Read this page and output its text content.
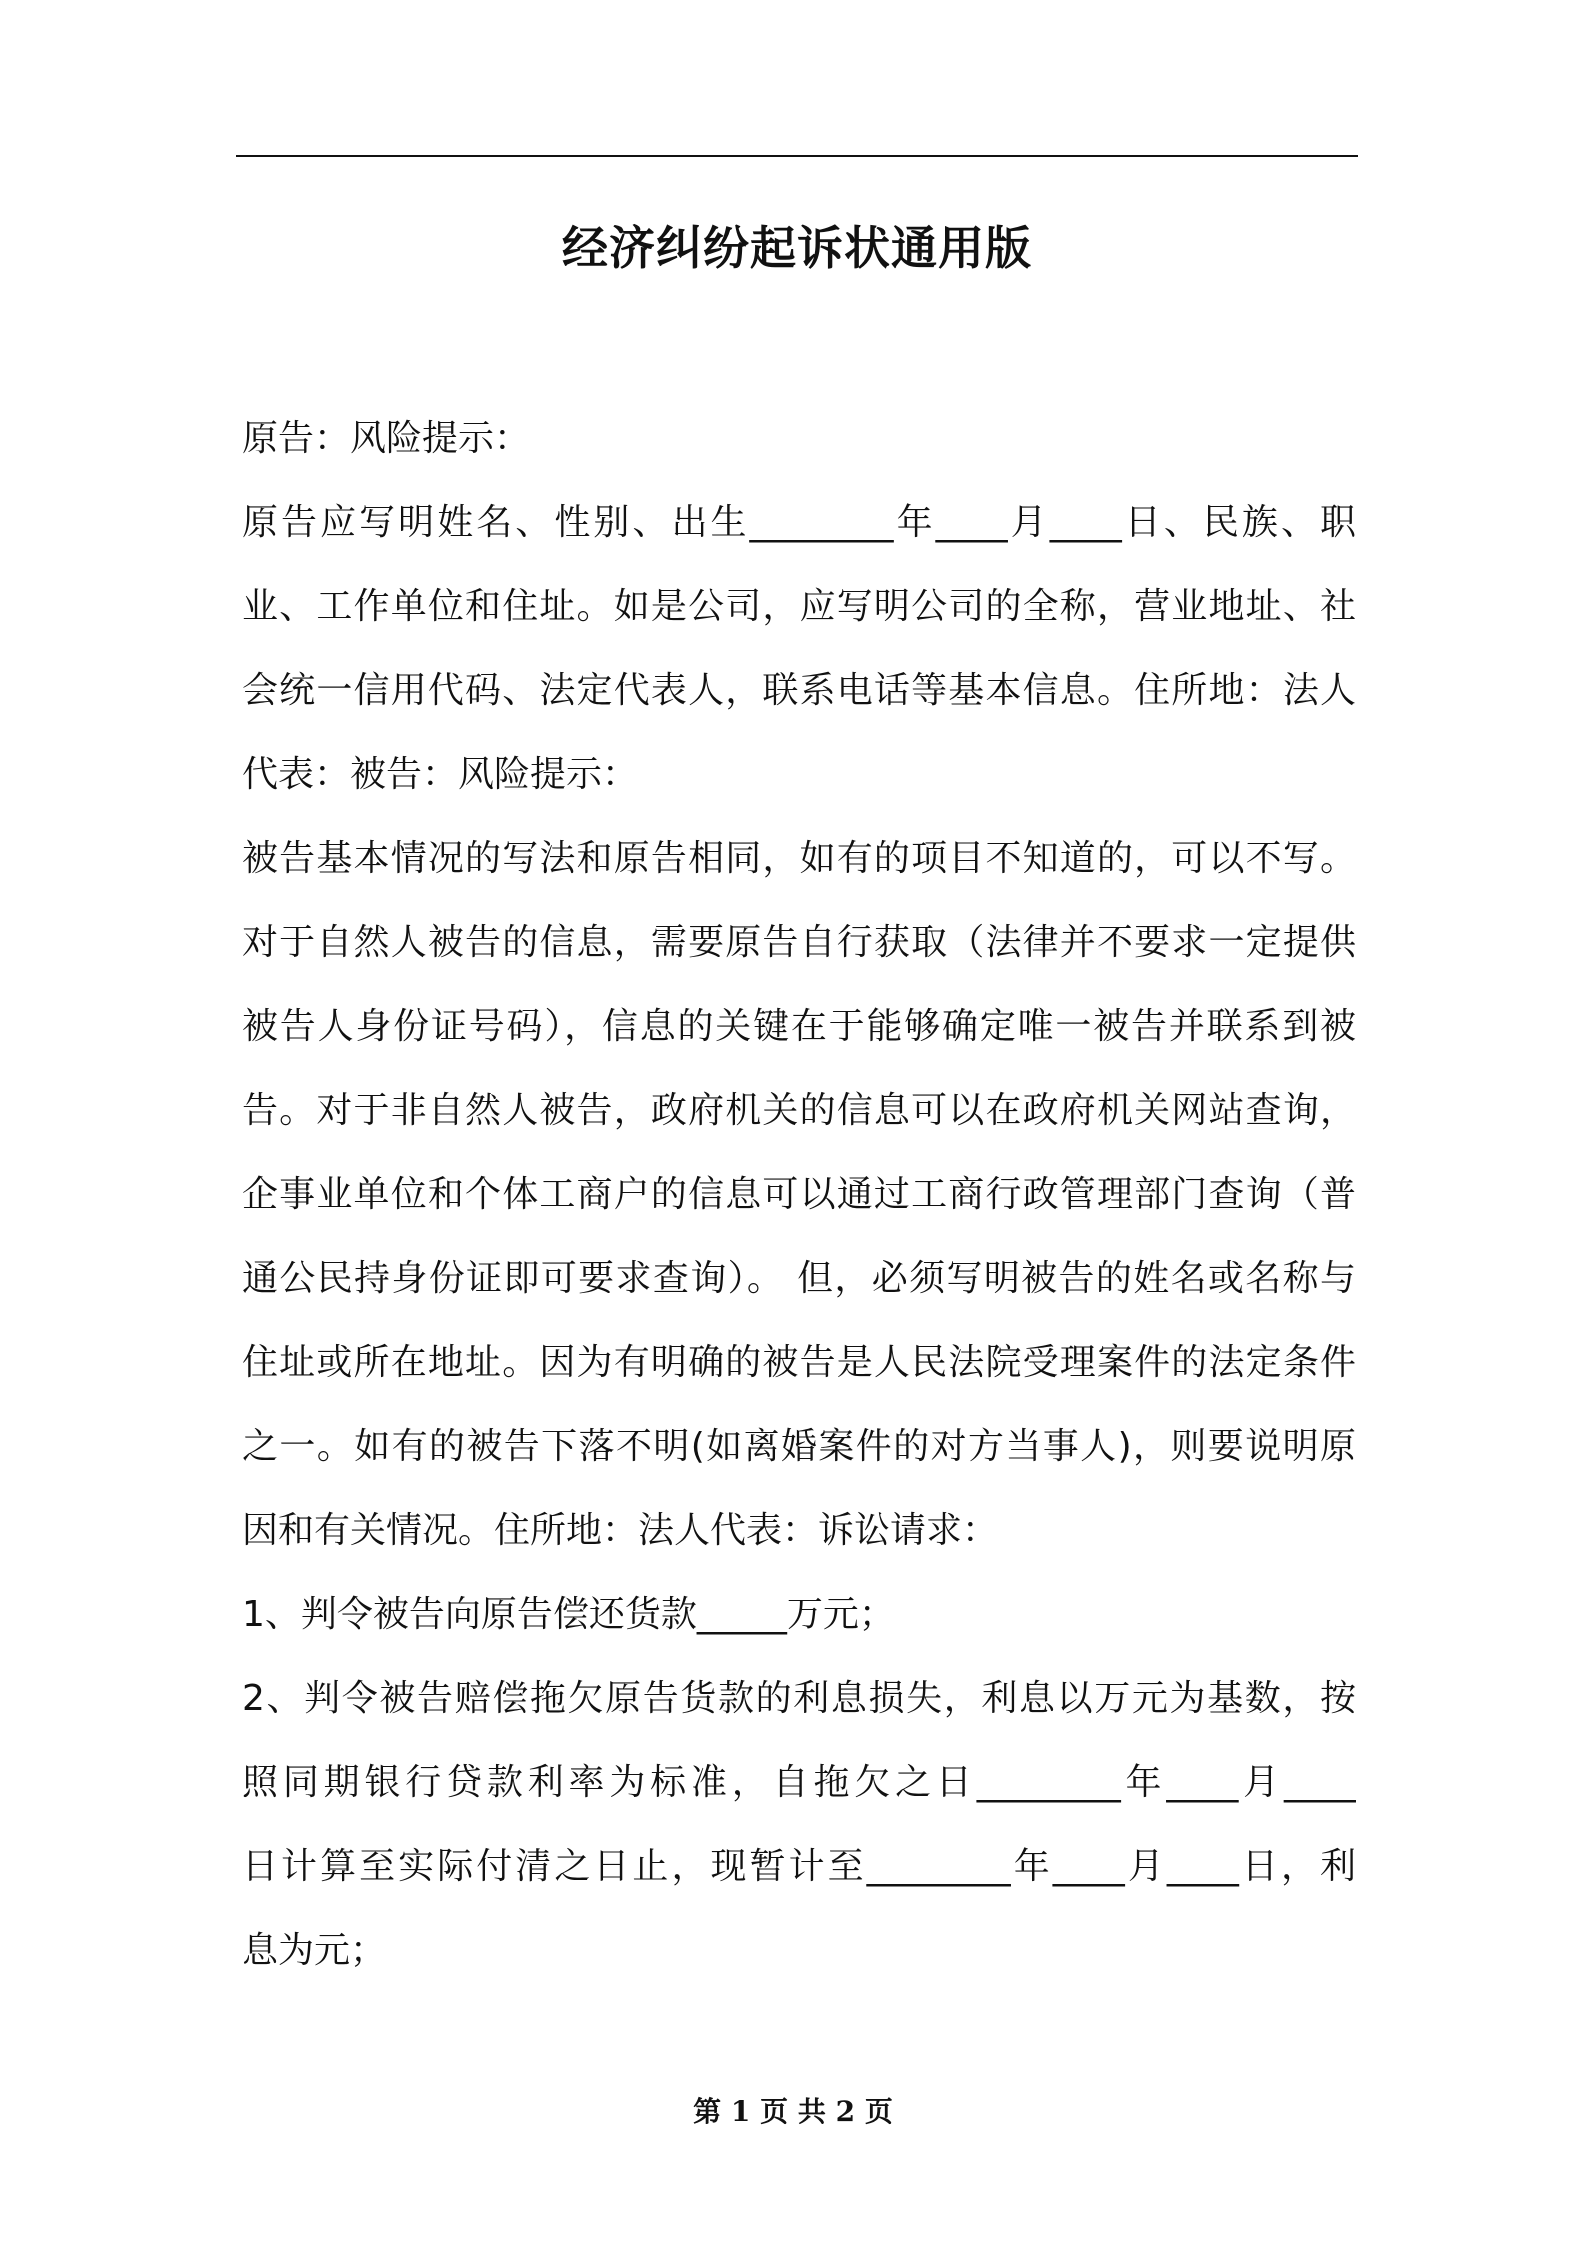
经济纠纷起诉状通用版
原告：风险提示：
原告应写明姓名、性别、出生________年____月____日、民族、职
业、工作单位和住址。如是公司，应写明公司的全称，营业地址、社
会统一信用代码、法定代表人，联系电话等基本信息。住所地：法人
代表：被告：风险提示：
被告基本情况的写法和原告相同，如有的项目不知道的，可以不写。
对于自然人被告的信息，需要原告自行获取（法律并不要求一定提供
被告人身份证号码），信息的关键在于能够确定唯一被告并联系到被
告。对于非自然人被告，政府机关的信息可以在政府机关网站查询，
企事业单位和个体工商户的信息可以通过工商行政管理部门查询（普
通公民持身份证即可要求查询）。 但，必须写明被告的姓名或名称与
住址或所在地址。因为有明确的被告是人民法院受理案件的法定条件
之一。如有的被告下落不明(如离婚案件的对方当事人)，则要说明原
因和有关情况。住所地：法人代表：诉讼请求：
1、判令被告向原告偿还货款_____万元；
2、判令被告赔偿拖欠原告货款的利息损失，利息以万元为基数，按
照同期银行贷款利率为标准，自拖欠之日________年____月____
日计算至实际付清之日止，现暂计至________年____月____日，利
息为元；
第 1 页 共 2 页
